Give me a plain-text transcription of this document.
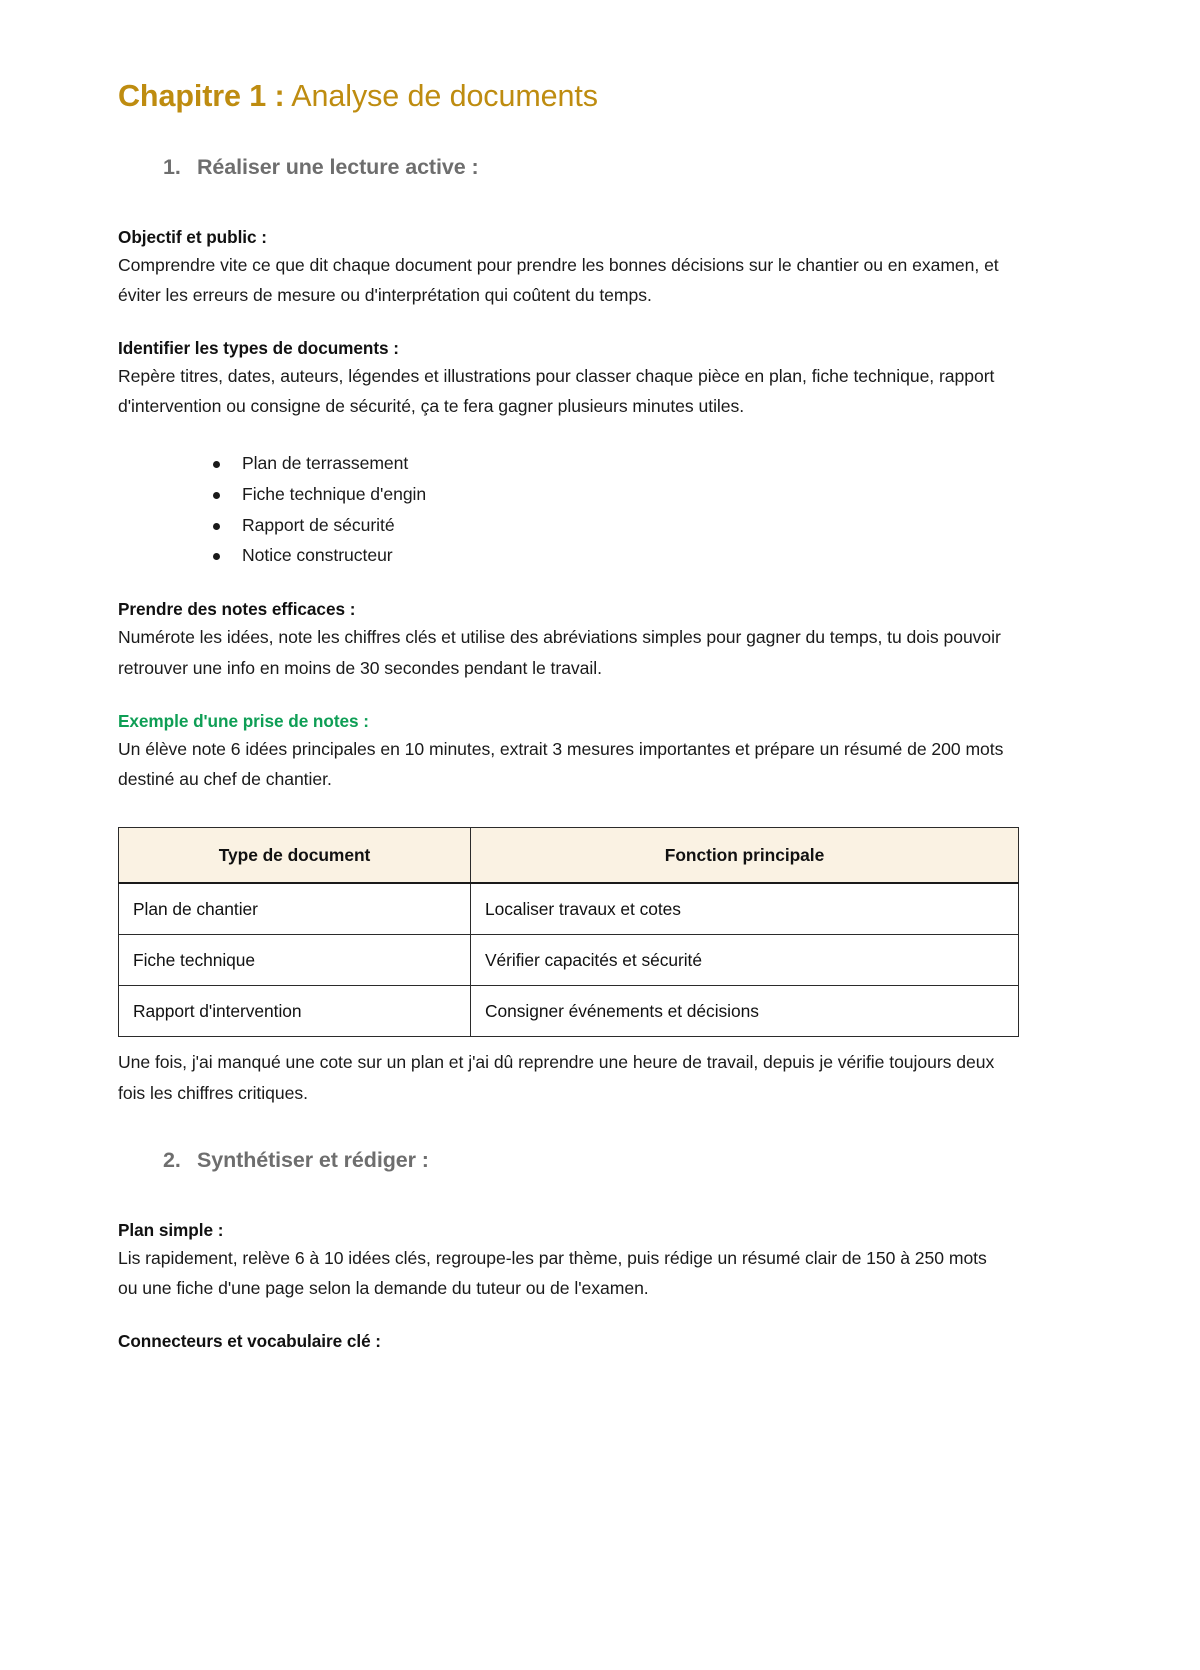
Chapitre 1 : Analyse de documents
1. Réaliser une lecture active :
Objectif et public :

Comprendre vite ce que dit chaque document pour prendre les bonnes décisions sur le chantier ou en examen, et éviter les erreurs de mesure ou d'interprétation qui coûtent du temps.

Identifier les types de documents :

Repère titres, dates, auteurs, légendes et illustrations pour classer chaque pièce en plan, fiche technique, rapport d'intervention ou consigne de sécurité, ça te fera gagner plusieurs minutes utiles.

Plan de terrassement
Fiche technique d'engin
Rapport de sécurité
Notice constructeur
Prendre des notes efficaces :

Numérote les idées, note les chiffres clés et utilise des abréviations simples pour gagner du temps, tu dois pouvoir retrouver une info en moins de 30 secondes pendant le travail.

Exemple d'une prise de notes :

Un élève note 6 idées principales en 10 minutes, extrait 3 mesures importantes et prépare un résumé de 200 mots destiné au chef de chantier.

Type de document	Fonction principale
Plan de chantier	Localiser travaux et cotes
Fiche technique	Vérifier capacités et sécurité
Rapport d'intervention	Consigner événements et décisions

Une fois, j'ai manqué une cote sur un plan et j'ai dû reprendre une heure de travail, depuis je vérifie toujours deux fois les chiffres critiques.

2. Synthétiser et rédiger :
Plan simple :

Lis rapidement, relève 6 à 10 idées clés, regroupe-les par thème, puis rédige un résumé clair de 150 à 250 mots ou une fiche d'une page selon la demande du tuteur ou de l'examen.

Connecteurs et vocabulaire clé :
